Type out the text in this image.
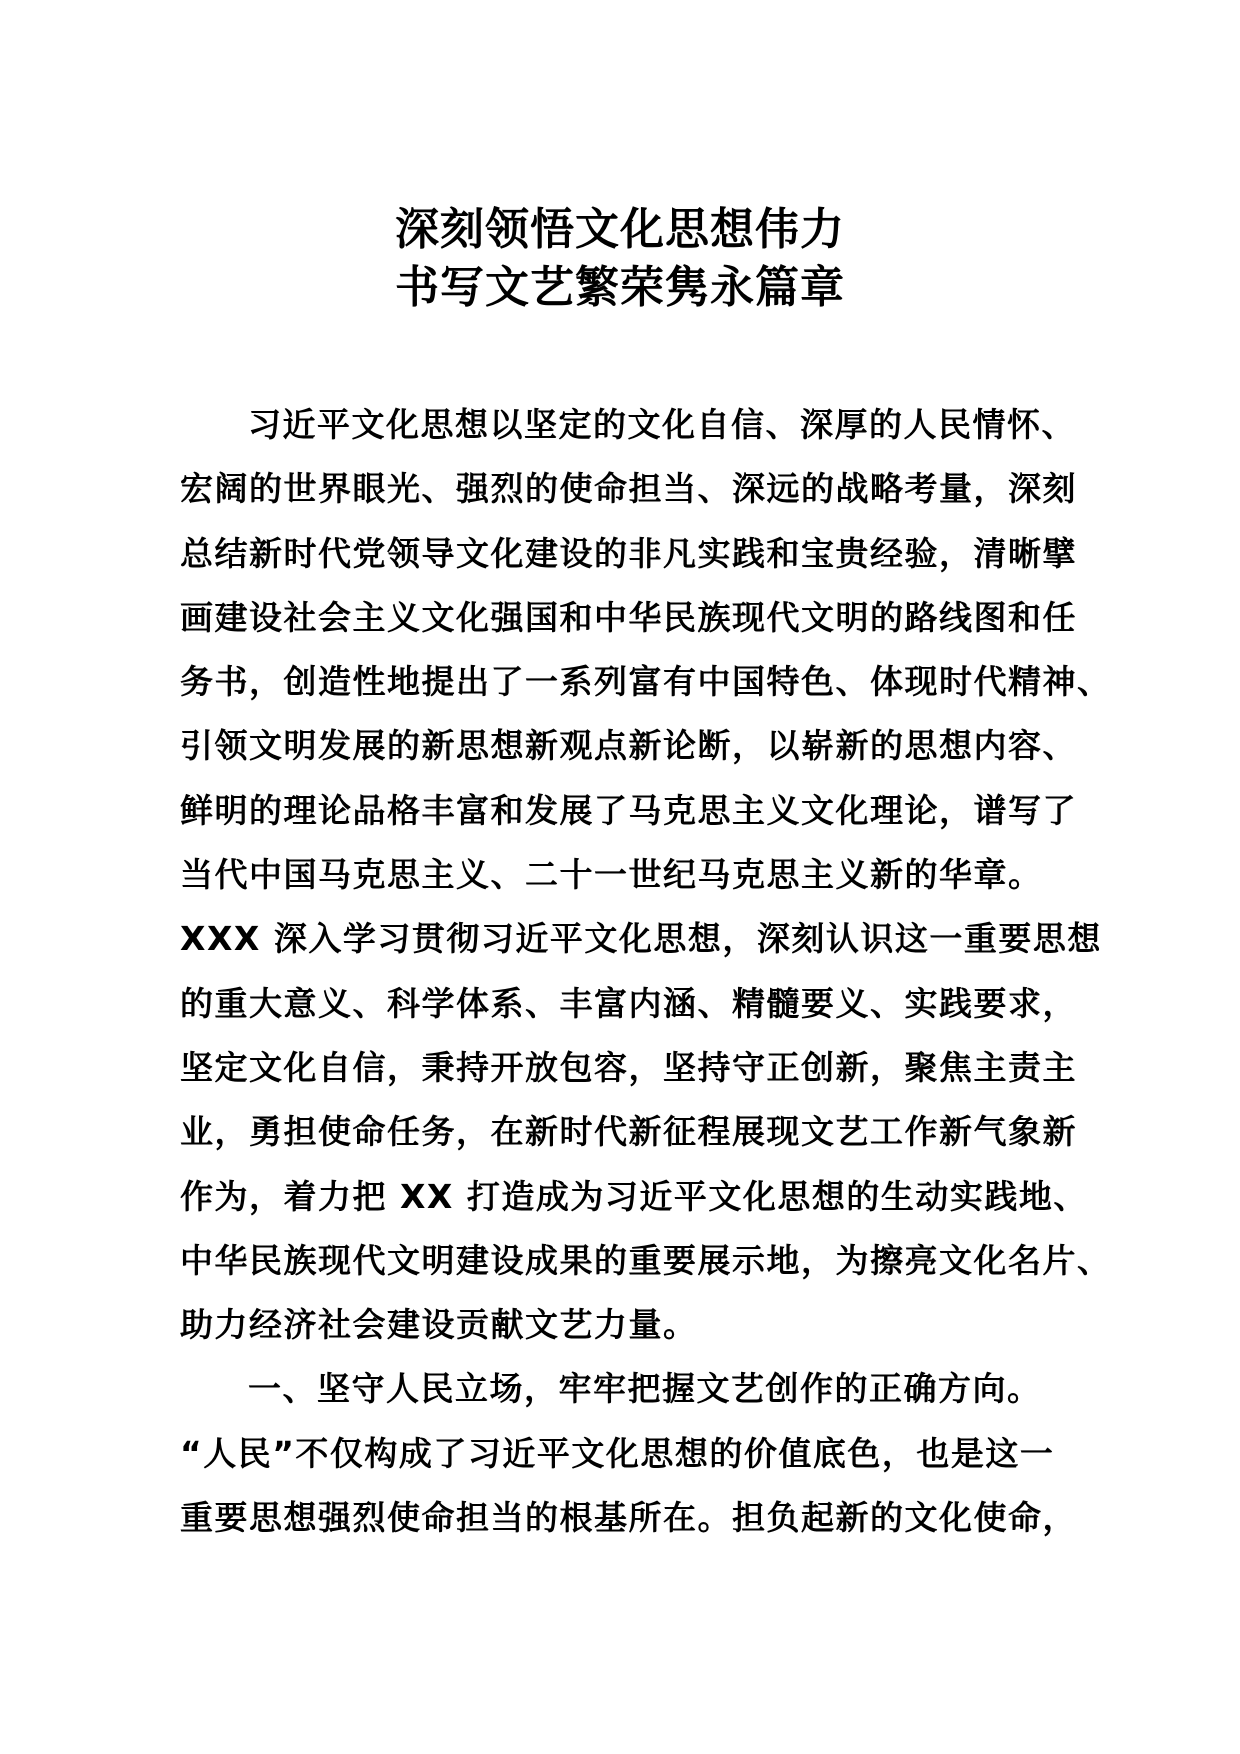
深刻领悟文化思想伟力
书写文艺繁荣隽永篇章
习近平文化思想以坚定的文化自信、深厚的人民情怀、
宏阔的世界眼光、强烈的使命担当、深远的战略考量，深刻
总结新时代党领导文化建设的非凡实践和宝贵经验，清晰擘
画建设社会主义文化强国和中华民族现代文明的路线图和任
务书，创造性地提出了一系列富有中国特色、体现时代精神、
引领文明发展的新思想新观点新论断，以崭新的思想内容、
鲜明的理论品格丰富和发展了马克思主义文化理论，谱写了
当代中国马克思主义、二十一世纪马克思主义新的华章。
XXX 深入学习贯彻习近平文化思想，深刻认识这一重要思想
的重大意义、科学体系、丰富内涵、精髓要义、实践要求，
坚定文化自信，秉持开放包容，坚持守正创新，聚焦主责主
业，勇担使命任务，在新时代新征程展现文艺工作新气象新
作为，着力把 XX 打造成为习近平文化思想的生动实践地、
中华民族现代文明建设成果的重要展示地，为擦亮文化名片、
助力经济社会建设贡献文艺力量。
一、坚守人民立场，牢牢把握文艺创作的正确方向。
“人民”不仅构成了习近平文化思想的价值底色，也是这一
重要思想强烈使命担当的根基所在。担负起新的文化使命，
